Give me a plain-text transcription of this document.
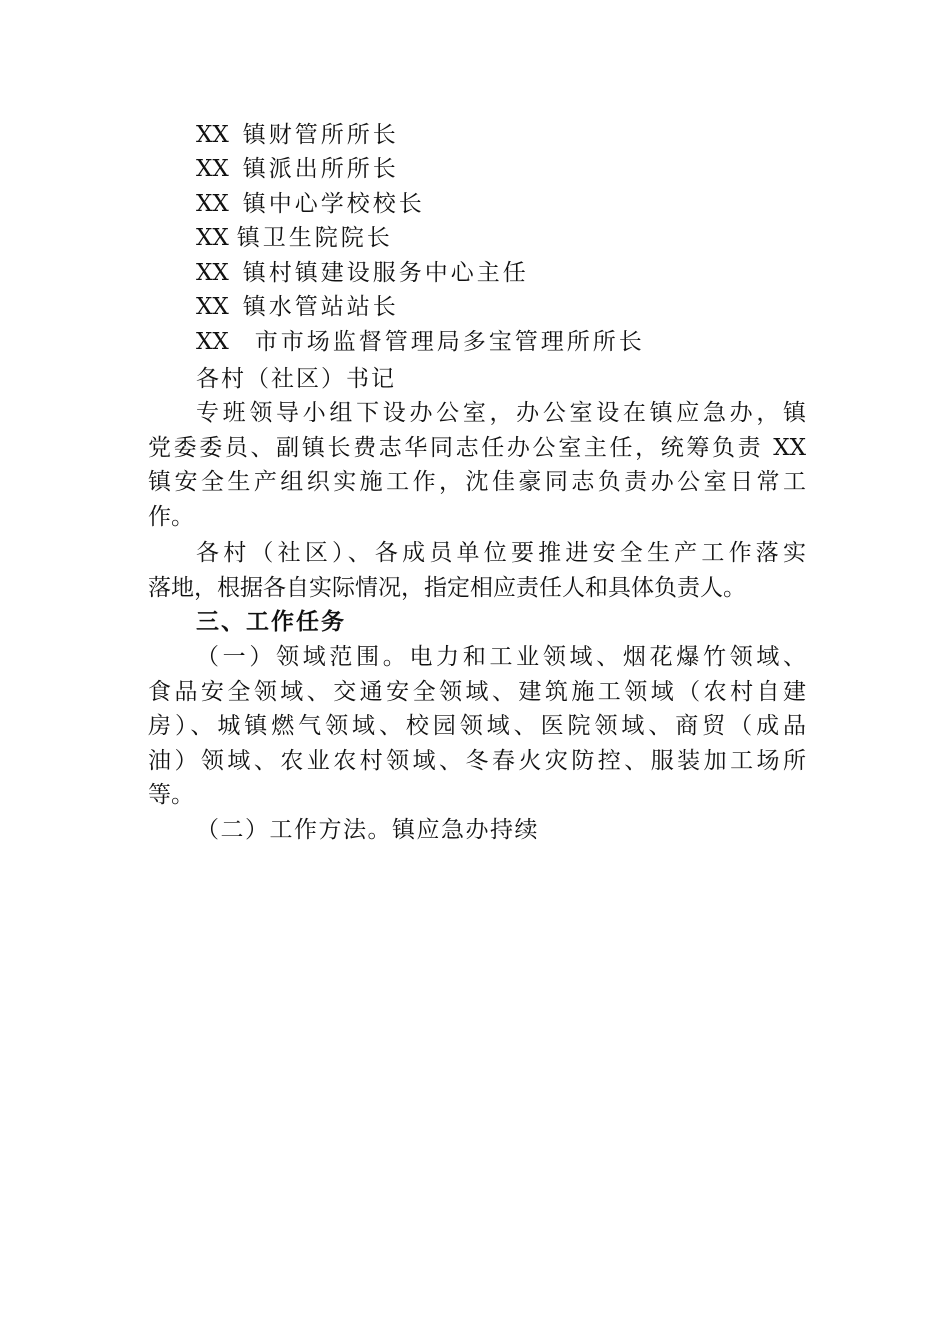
XX 镇财管所所长
XX 镇派出所所长
XX 镇中心学校校长
XX 镇卫生院院长
XX 镇村镇建设服务中心主任
XX 镇水管站站长
XX 市市场监督管理局多宝管理所所长
各村（社区）书记
专班领导小组下设办公室，办公室设在镇应急办，镇
党委委员、副镇长费志华同志任办公室主任，统筹负责 XX
镇安全生产组织实施工作，沈佳豪同志负责办公室日常工
作。
各村（社区）、各成员单位要推进安全生产工作落实
落地，根据各自实际情况，指定相应责任人和具体负责人。
三、工作任务
（一）领域范围。电力和工业领域、烟花爆竹领域、
食品安全领域、交通安全领域、建筑施工领域（农村自建
房）、城镇燃气领域、校园领域、医院领域、商贸（成品
油）领域、农业农村领域、冬春火灾防控、服装加工场所
等。
（二）工作方法。镇应急办持续
